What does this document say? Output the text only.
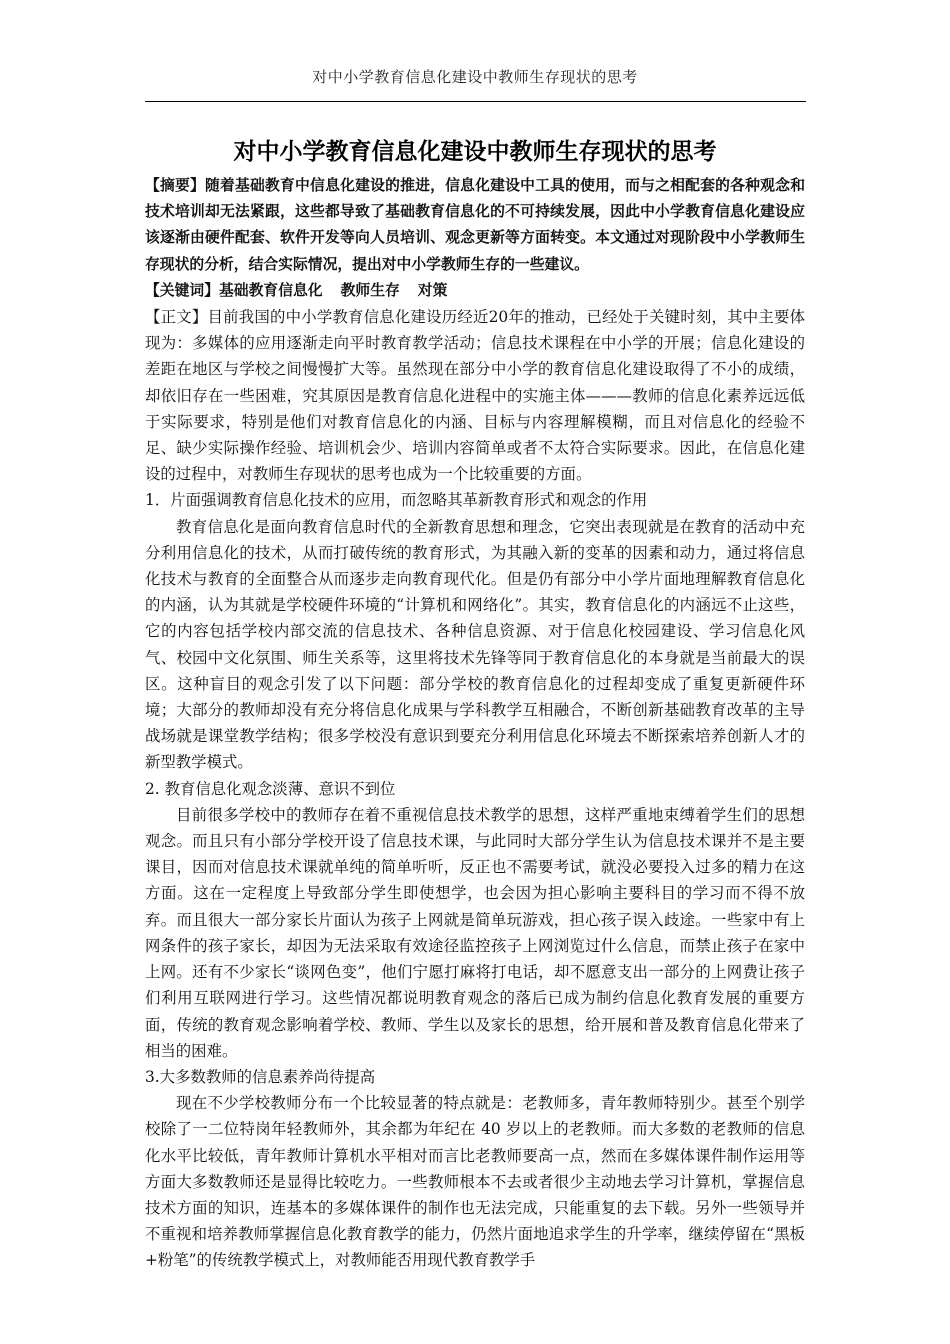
对中小学教育信息化建设中教师生存现状的思考
对中小学教育信息化建设中教师生存现状的思考

【摘要】随着基础教育中信息化建设的推进，信息化建设中工具的使用，而与之相配套的各种观念和技术培训却无法紧跟，这些都导致了基础教育信息化的不可持续发展，因此中小学教育信息化建设应该逐渐由硬件配套、软件开发等向人员培训、观念更新等方面转变。本文通过对现阶段中小学教师生存现状的分析，结合实际情况，提出对中小学教师生存的一些建议。

【关键词】基础教育信息化 教师生存 对策

【正文】目前我国的中小学教育信息化建设历经近20年的推动，已经处于关键时刻，其中主要体现为：多媒体的应用逐渐走向平时教育教学活动；信息技术课程在中小学的开展；信息化建设的差距在地区与学校之间慢慢扩大等。虽然现在部分中小学的教育信息化建设取得了不小的成绩，却依旧存在一些困难，究其原因是教育信息化进程中的实施主体———教师的信息化素养远远低于实际要求，特别是他们对教育信息化的内涵、目标与内容理解模糊，而且对信息化的经验不足、缺少实际操作经验、培训机会少、培训内容简单或者不太符合实际要求。因此，在信息化建设的过程中，对教师生存现状的思考也成为一个比较重要的方面。

1．片面强调教育信息化技术的应用，而忽略其革新教育形式和观念的作用

教育信息化是面向教育信息时代的全新教育思想和理念，它突出表现就是在教育的活动中充分利用信息化的技术，从而打破传统的教育形式，为其融入新的变革的因素和动力，通过将信息化技术与教育的全面整合从而逐步走向教育现代化。但是仍有部分中小学片面地理解教育信息化的内涵，认为其就是学校硬件环境的“计算机和网络化”。其实，教育信息化的内涵远不止这些，它的内容包括学校内部交流的信息技术、各种信息资源、对于信息化校园建设、学习信息化风气、校园中文化氛围、师生关系等，这里将技术先锋等同于教育信息化的本身就是当前最大的误区。这种盲目的观念引发了以下问题：部分学校的教育信息化的过程却变成了重复更新硬件环境；大部分的教师却没有充分将信息化成果与学科教学互相融合，不断创新基础教育改革的主导战场就是课堂教学结构；很多学校没有意识到要充分利用信息化环境去不断探索培养创新人才的新型教学模式。

2. 教育信息化观念淡薄、意识不到位

目前很多学校中的教师存在着不重视信息技术教学的思想，这样严重地束缚着学生们的思想观念。而且只有小部分学校开设了信息技术课，与此同时大部分学生认为信息技术课并不是主要课目，因而对信息技术课就单纯的简单听听，反正也不需要考试，就没必要投入过多的精力在这方面。这在一定程度上导致部分学生即使想学，也会因为担心影响主要科目的学习而不得不放弃。而且很大一部分家长片面认为孩子上网就是简单玩游戏，担心孩子误入歧途。一些家中有上网条件的孩子家长，却因为无法采取有效途径监控孩子上网浏览过什么信息，而禁止孩子在家中上网。还有不少家长“谈网色变”，他们宁愿打麻将打电话，却不愿意支出一部分的上网费让孩子们利用互联网进行学习。这些情况都说明教育观念的落后已成为制约信息化教育发展的重要方面，传统的教育观念影响着学校、教师、学生以及家长的思想，给开展和普及教育信息化带来了相当的困难。

3.大多数教师的信息素养尚待提高

现在不少学校教师分布一个比较显著的特点就是：老教师多，青年教师特别少。甚至个别学校除了一二位特岗年轻教师外，其余都为年纪在 40 岁以上的老教师。而大多数的老教师的信息化水平比较低，青年教师计算机水平相对而言比老教师要高一点，然而在多媒体课件制作运用等方面大多数教师还是显得比较吃力。一些教师根本不去或者很少主动地去学习计算机，掌握信息技术方面的知识，连基本的多媒体课件的制作也无法完成，只能重复的去下载。另外一些领导并不重视和培养教师掌握信息化教育教学的能力，仍然片面地追求学生的升学率，继续停留在“黑板+粉笔”的传统教学模式上，对教师能否用现代教育教学手
